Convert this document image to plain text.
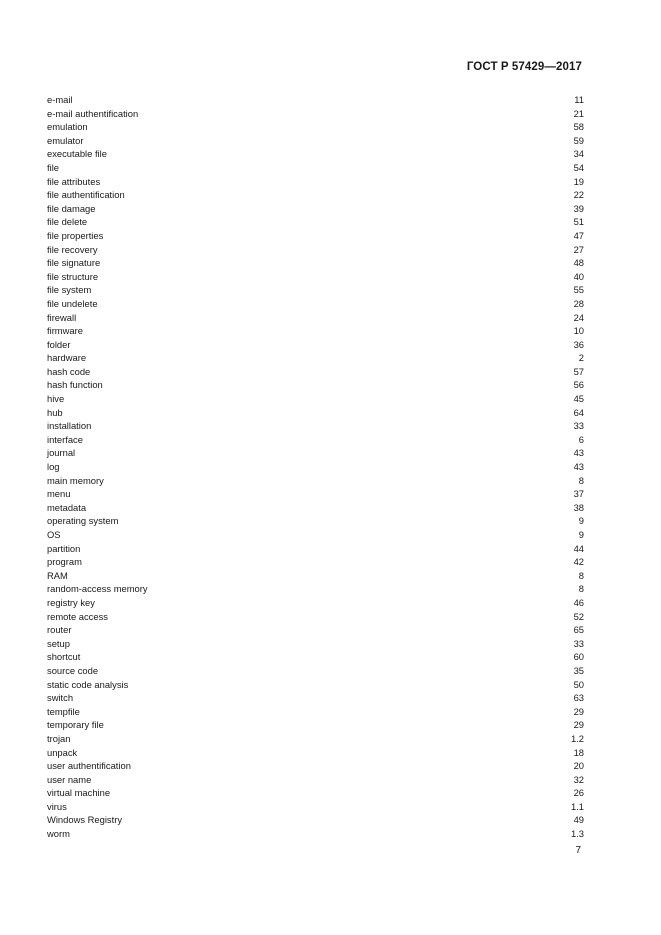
ГОСТ Р 57429—2017
e-mail	11
e-mail authentification	21
emulation	58
emulator	59
executable file	34
file	54
file attributes	19
file authentification	22
file damage	39
file delete	51
file properties	47
file recovery	27
file signature	48
file structure	40
file system	55
file undelete	28
firewall	24
firmware	10
folder	36
hardware	2
hash code	57
hash function	56
hive	45
hub	64
installation	33
interface	6
journal	43
log	43
main memory	8
menu	37
metadata	38
operating system	9
OS	9
partition	44
program	42
RAM	8
random-access memory	8
registry key	46
remote access	52
router	65
setup	33
shortcut	60
source code	35
static code analysis	50
switch	63
tempfile	29
temporary file	29
trojan	1.2
unpack	18
user authentification	20
user name	32
virtual machine	26
virus	1.1
Windows Registry	49
worm	1.3
7
